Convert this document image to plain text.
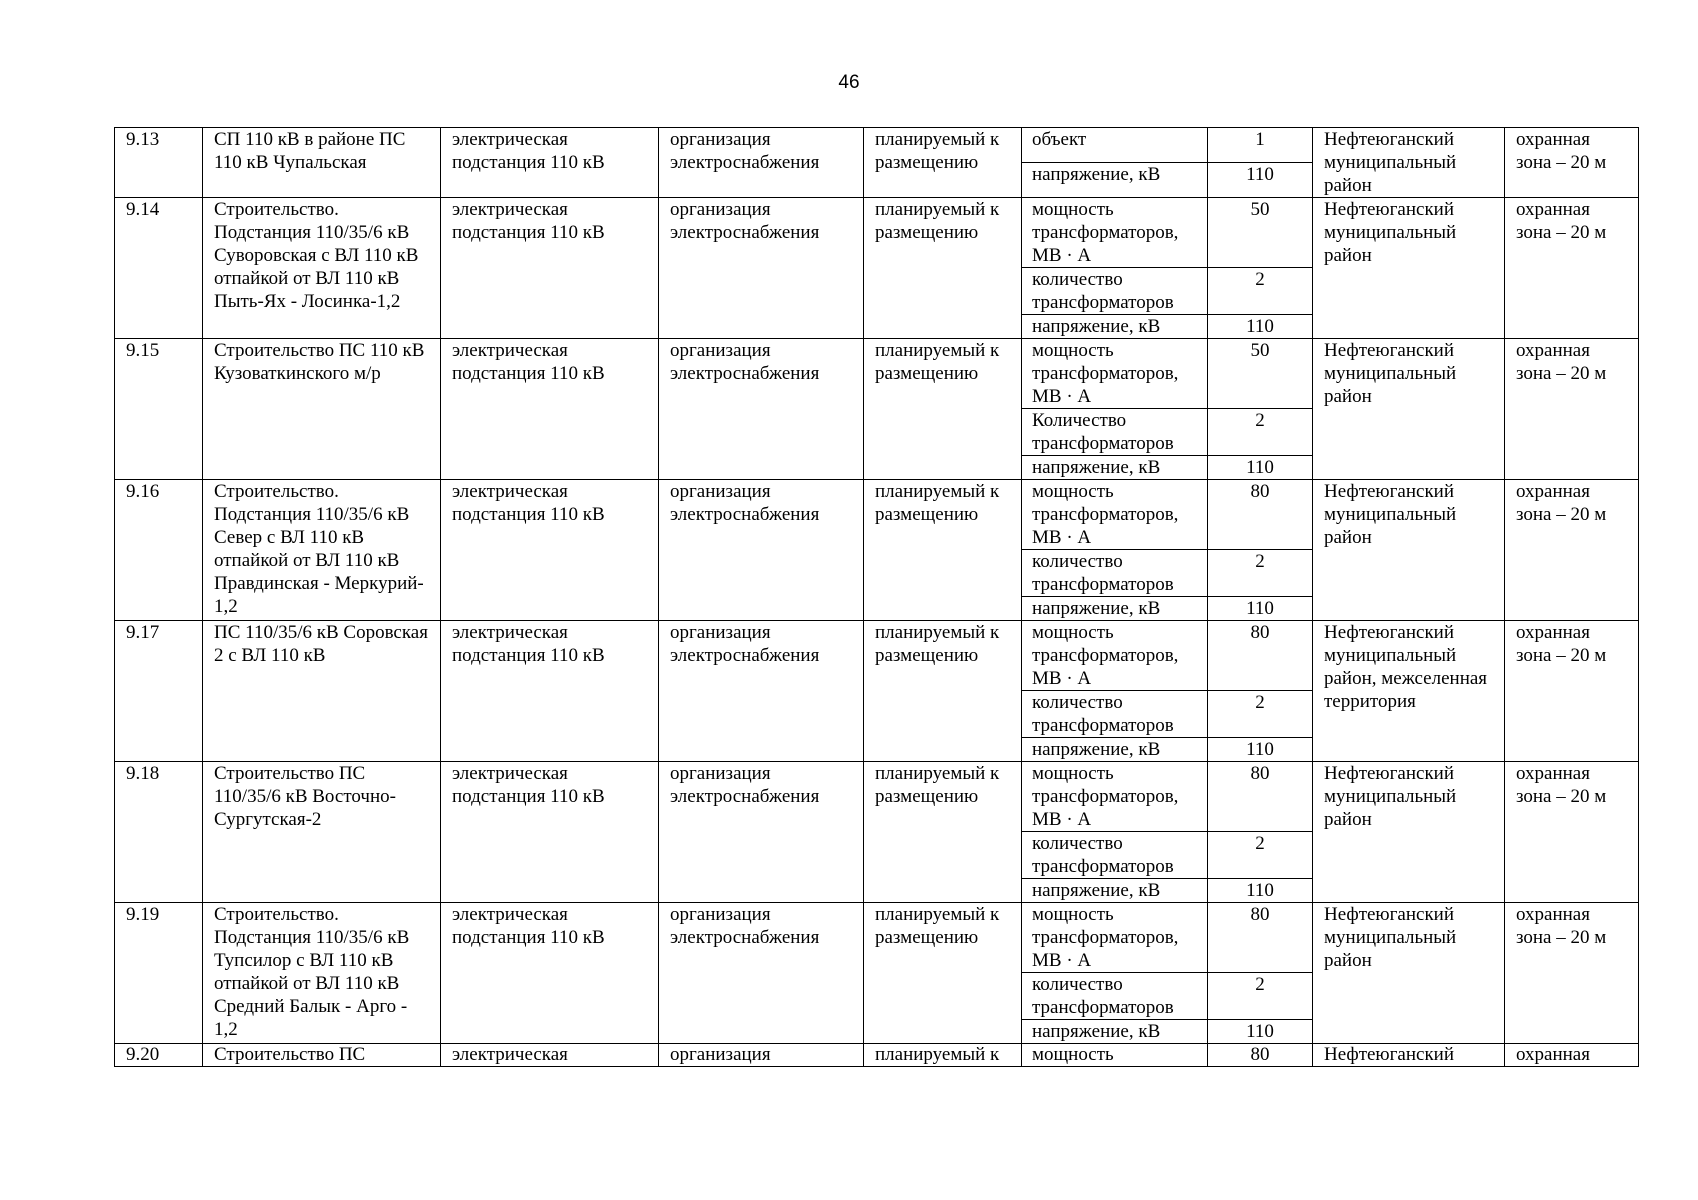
46
9.13	СП 110 кВ в районе ПС 110 кВ Чупальская	электрическая подстанция 110 кВ	организация электроснабжения	планируемый к размещению	объект	1	Нефтеюганский муниципальный район	охранная зона – 20 м
					напряжение, кВ	110		
9.14	Строительство. Подстанция 110/35/6 кВ Суворовская с ВЛ 110 кВ отпайкой от ВЛ 110 кВ Пыть-Ях - Лосинка-1,2	электрическая подстанция 110 кВ	организация электроснабжения	планируемый к размещению	мощность трансформаторов, МВ · А	50	Нефтеюганский муниципальный район	охранная зона – 20 м
					количество трансформаторов	2		
					напряжение, кВ	110		
9.15	Строительство ПС 110 кВ Кузоваткинского м/р	электрическая подстанция 110 кВ	организация электроснабжения	планируемый к размещению	мощность трансформаторов, МВ · А	50	Нефтеюганский муниципальный район	охранная зона – 20 м
					Количество трансформаторов	2		
					напряжение, кВ	110		
9.16	Строительство. Подстанция 110/35/6 кВ Север с ВЛ 110 кВ отпайкой от ВЛ 110 кВ Правдинская - Меркурий- 1,2	электрическая подстанция 110 кВ	организация электроснабжения	планируемый к размещению	мощность трансформаторов, МВ · А	80	Нефтеюганский муниципальный район	охранная зона – 20 м
					количество трансформаторов	2		
					напряжение, кВ	110		
9.17	ПС 110/35/6 кВ Соровская 2 с ВЛ 110 кВ	электрическая подстанция 110 кВ	организация электроснабжения	планируемый к размещению	мощность трансформаторов, МВ · А	80	Нефтеюганский муниципальный район, межселенная территория	охранная зона – 20 м
					количество трансформаторов	2		
					напряжение, кВ	110		
9.18	Строительство ПС 110/35/6 кВ Восточно-Сургутская-2	электрическая подстанция 110 кВ	организация электроснабжения	планируемый к размещению	мощность трансформаторов, МВ · А	80	Нефтеюганский муниципальный район	охранная зона – 20 м
					количество трансформаторов	2		
					напряжение, кВ	110		
9.19	Строительство. Подстанция 110/35/6 кВ Тупсилор с ВЛ 110 кВ отпайкой от ВЛ 110 кВ Средний Балык - Арго - 1,2	электрическая подстанция 110 кВ	организация электроснабжения	планируемый к размещению	мощность трансформаторов, МВ · А	80	Нефтеюганский муниципальный район	охранная зона – 20 м
					количество трансформаторов	2		
					напряжение, кВ	110		
9.20	Строительство ПС	электрическая	организация	планируемый к	мощность	80	Нефтеюганский	охранная
